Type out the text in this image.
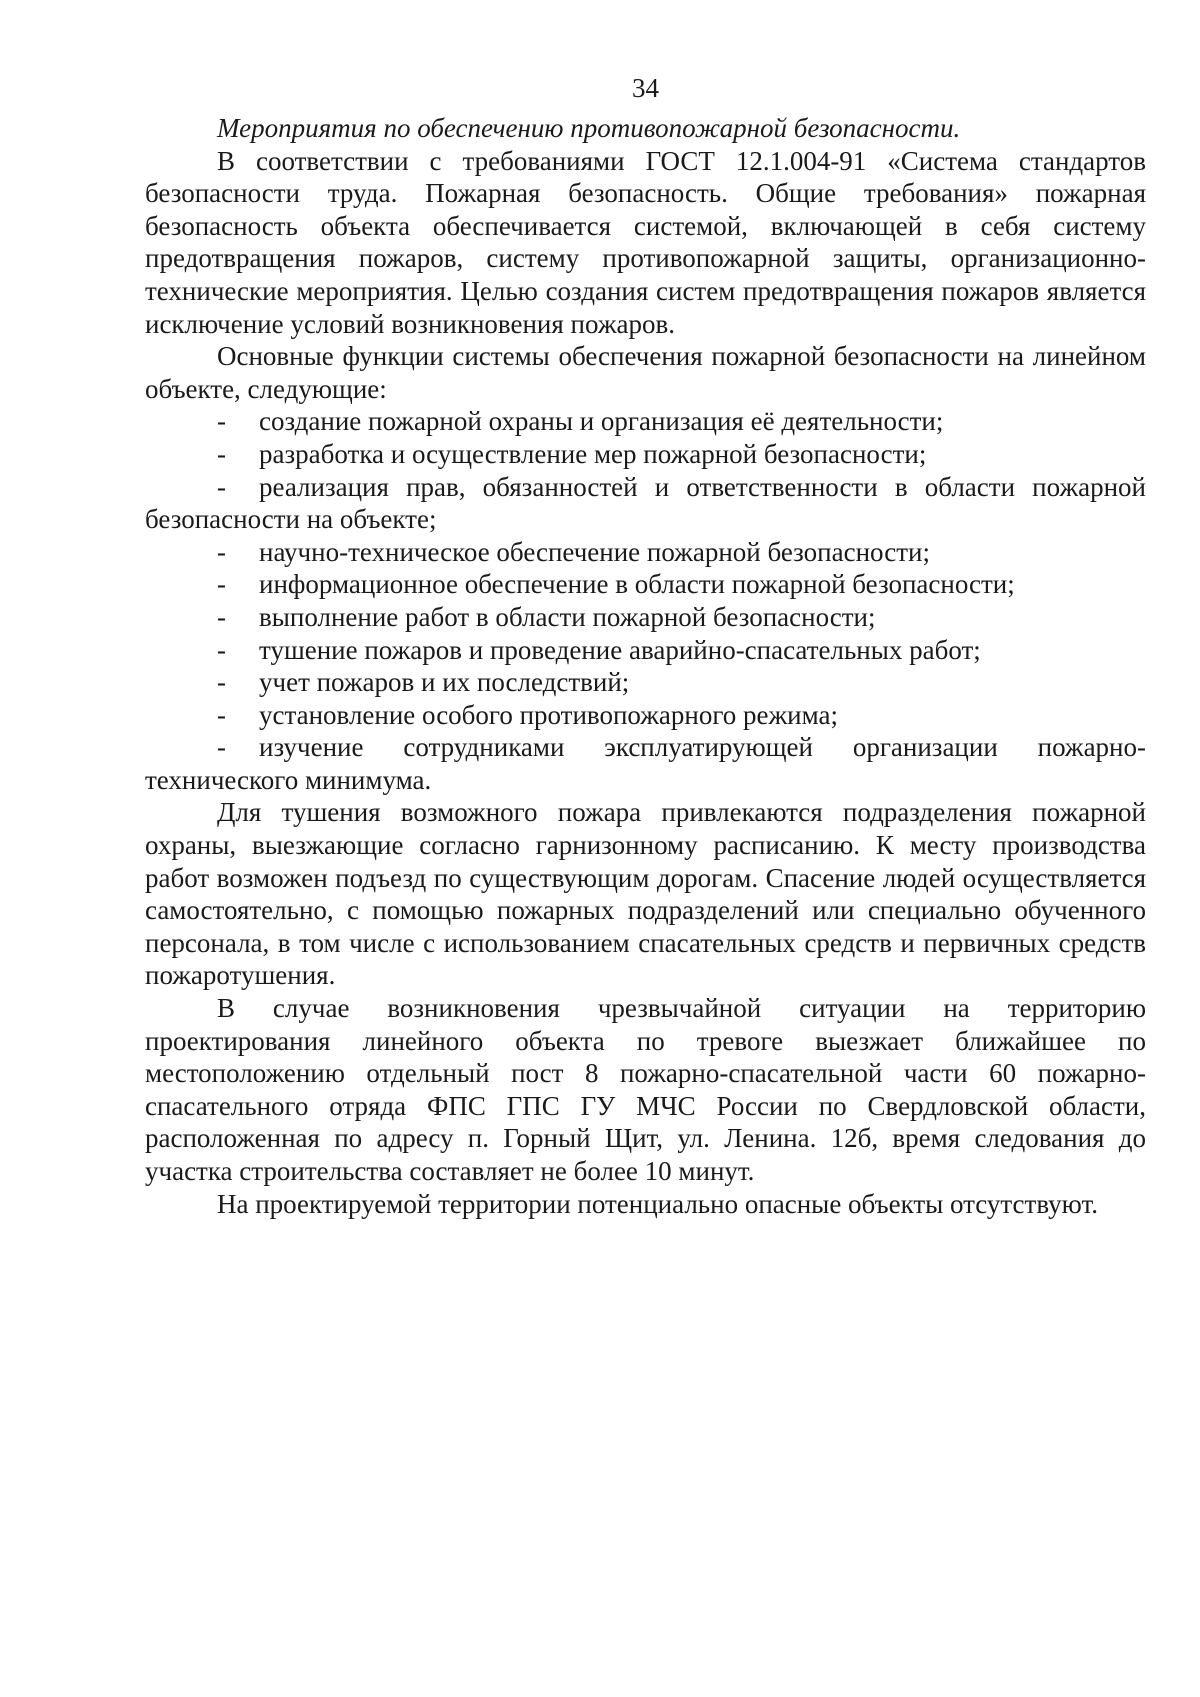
34

Мероприятия по обеспечению противопожарной безопасности.

В соответствии с требованиями ГОСТ 12.1.004-91 «Система стандартов безопасности труда. Пожарная безопасность. Общие требования» пожарная безопасность объекта обеспечивается системой, включающей в себя систему предотвращения пожаров, систему противопожарной защиты, организационно-технические мероприятия. Целью создания систем предотвращения пожаров является исключение условий возникновения пожаров.

Основные функции системы обеспечения пожарной безопасности на линейном объекте, следующие:

- создание пожарной охраны и организация её деятельности;
- разработка и осуществление мер пожарной безопасности;
- реализация прав, обязанностей и ответственности в области пожарной безопасности на объекте;
- научно-техническое обеспечение пожарной безопасности;
- информационное обеспечение в области пожарной безопасности;
- выполнение работ в области пожарной безопасности;
- тушение пожаров и проведение аварийно-спасательных работ;
- учет пожаров и их последствий;
- установление особого противопожарного режима;
- изучение сотрудниками эксплуатирующей организации пожарно-технического минимума.

Для тушения возможного пожара привлекаются подразделения пожарной охраны, выезжающие согласно гарнизонному расписанию. К месту производства работ возможен подъезд по существующим дорогам. Спасение людей осуществляется самостоятельно, с помощью пожарных подразделений или специально обученного персонала, в том числе с использованием спасательных средств и первичных средств пожаротушения.

В случае возникновения чрезвычайной ситуации на территорию проектирования линейного объекта по тревоге выезжает ближайшее по местоположению отдельный пост 8 пожарно-спасательной части 60 пожарно-спасательного отряда ФПС ГПС ГУ МЧС России по Свердловской области, расположенная по адресу п. Горный Щит, ул. Ленина. 12б, время следования до участка строительства составляет не более 10 минут.

На проектируемой территории потенциально опасные объекты отсутствуют.
